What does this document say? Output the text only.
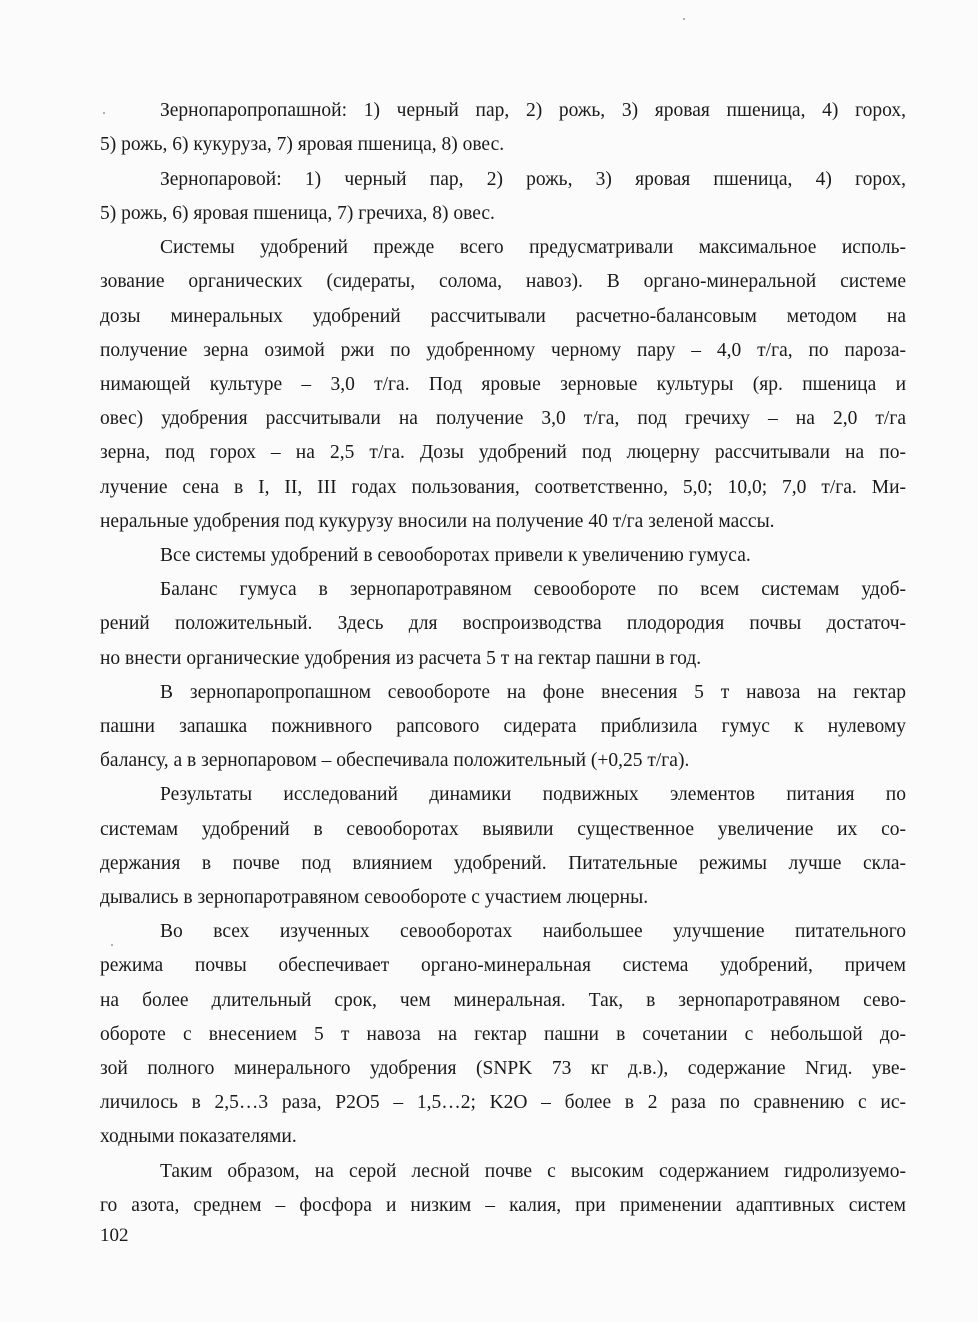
Зернопаропропашной: 1) черный пар, 2) рожь, 3) яровая пшеница, 4) горох,
5) рожь, 6) кукуруза, 7) яровая пшеница, 8) овес.
Зернопаровой: 1) черный пар, 2) рожь, 3) яровая пшеница, 4) горох,
5) рожь, 6) яровая пшеница, 7) гречиха, 8) овес.
Системы удобрений прежде всего предусматривали максимальное исполь-
зование органических (сидераты, солома, навоз). В органо-минеральной системе
дозы минеральных удобрений рассчитывали расчетно-балансовым методом на
получение зерна озимой ржи по удобренному черному пару – 4,0 т/га, по пароза-
нимающей культуре – 3,0 т/га. Под яровые зерновые культуры (яр. пшеница и
овес) удобрения рассчитывали на получение 3,0 т/га, под гречиху – на 2,0 т/га
зерна, под горох – на 2,5 т/га. Дозы удобрений под люцерну рассчитывали на по-
лучение сена в I, II, III годах пользования, соответственно, 5,0; 10,0; 7,0 т/га. Ми-
неральные удобрения под кукурузу вносили на получение 40 т/га зеленой массы.
Все системы удобрений в севооборотах привели к увеличению гумуса.
Баланс гумуса в зернопаротравяном севообороте по всем системам удоб-
рений положительный. Здесь для воспроизводства плодородия почвы достаточ-
но внести органические удобрения из расчета 5 т на гектар пашни в год.
В зернопаропропашном севообороте на фоне внесения 5 т навоза на гектар
пашни запашка пожнивного рапсового сидерата приблизила гумус к нулевому
балансу, а в зернопаровом – обеспечивала положительный (+0,25 т/га).
Результаты исследований динамики подвижных элементов питания по
системам удобрений в севооборотах выявили существенное увеличение их со-
держания в почве под влиянием удобрений. Питательные режимы лучше скла-
дывались в зернопаротравяном севообороте с участием люцерны.
Во всех изученных севооборотах наибольшее улучшение питательного
режима почвы обеспечивает органо-минеральная система удобрений, причем
на более длительный срок, чем минеральная. Так, в зернопаротравяном сево-
обороте с внесением 5 т навоза на гектар пашни в сочетании с небольшой до-
зой полного минерального удобрения (SNPK 73 кг д.в.), содержание Nгид. уве-
личилось в 2,5…3 раза, P2O5 – 1,5…2; K2O – более в 2 раза по сравнению с ис-
ходными показателями.
Таким образом, на серой лесной почве с высоким содержанием гидролизуемо-
го азота, среднем – фосфора и низким – калия, при применении адаптивных систем
102
